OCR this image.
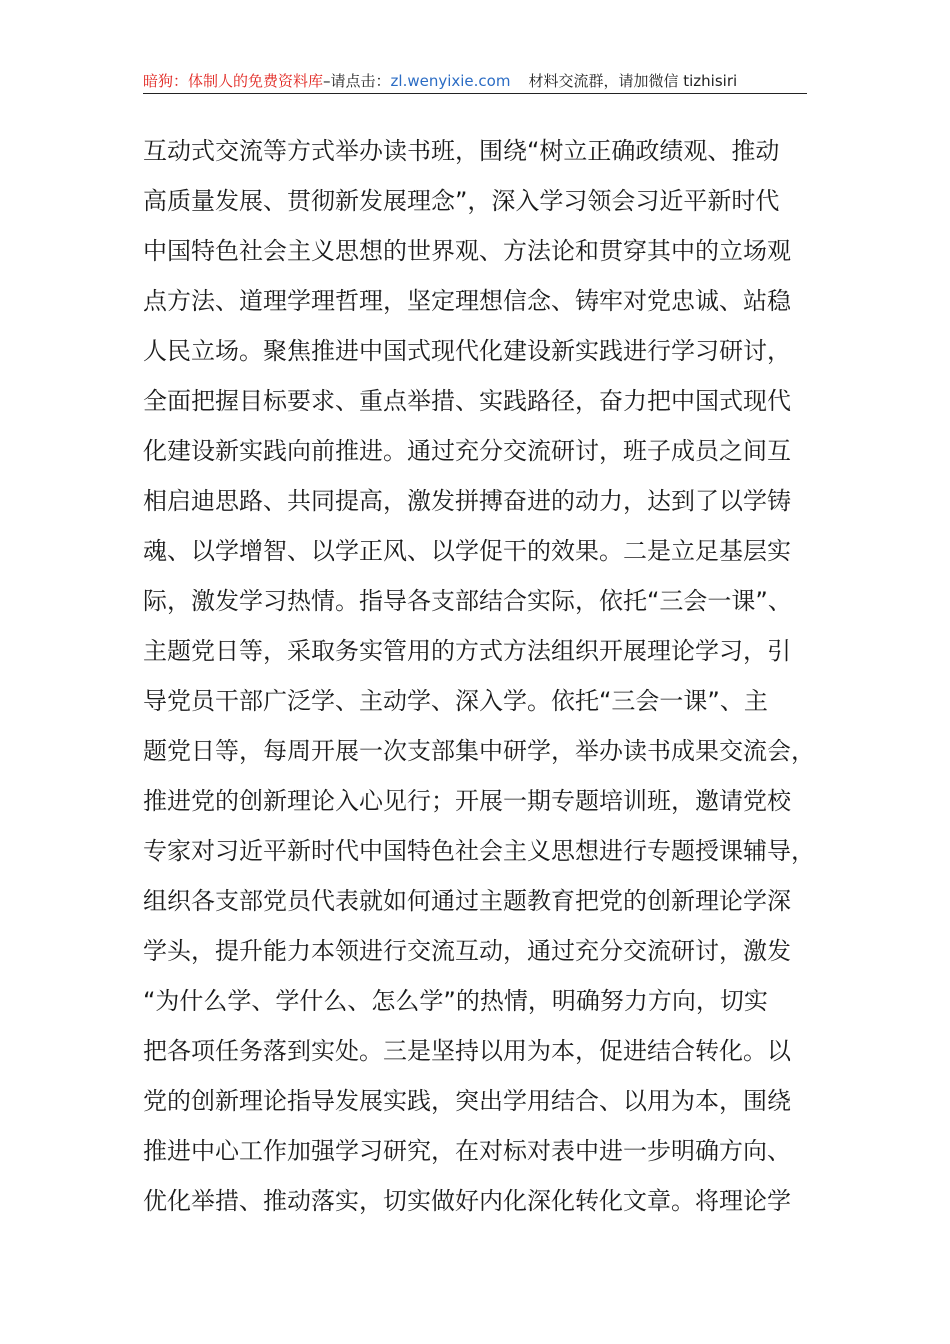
暗狗：体制人的免费资料库 –请点击： zl.wenyixie.com 材料交流群，请加微信 tizhisiri
互动式交流等方式举办读书班，围绕“树立正确政绩观、推动
高质量发展、贯彻新发展理念”，深入学习领会习近平新时代
中国特色社会主义思想的世界观、方法论和贯穿其中的立场观
点方法、道理学理哲理，坚定理想信念、铸牢对党忠诚、站稳
人民立场。聚焦推进中国式现代化建设新实践进行学习研讨，
全面把握目标要求、重点举措、实践路径，奋力把中国式现代
化建设新实践向前推进。通过充分交流研讨，班子成员之间互
相启迪思路、共同提高，激发拼搏奋进的动力，达到了以学铸
魂、以学增智、以学正风、以学促干的效果。二是立足基层实
际，激发学习热情。指导各支部结合实际，依托“三会一课”、
主题党日等，采取务实管用的方式方法组织开展理论学习，引
导党员干部广泛学、主动学、深入学。依托“三会一课”、主
题党日等，每周开展一次支部集中研学，举办读书成果交流会，
推进党的创新理论入心见行；开展一期专题培训班，邀请党校
专家对习近平新时代中国特色社会主义思想进行专题授课辅导，
组织各支部党员代表就如何通过主题教育把党的创新理论学深
学头，提升能力本领进行交流互动，通过充分交流研讨，激发
“为什么学、学什么、怎么学”的热情，明确努力方向，切实
把各项任务落到实处。三是坚持以用为本，促进结合转化。以
党的创新理论指导发展实践，突出学用结合、以用为本，围绕
推进中心工作加强学习研究，在对标对表中进一步明确方向、
优化举措、推动落实，切实做好内化深化转化文章。将理论学
